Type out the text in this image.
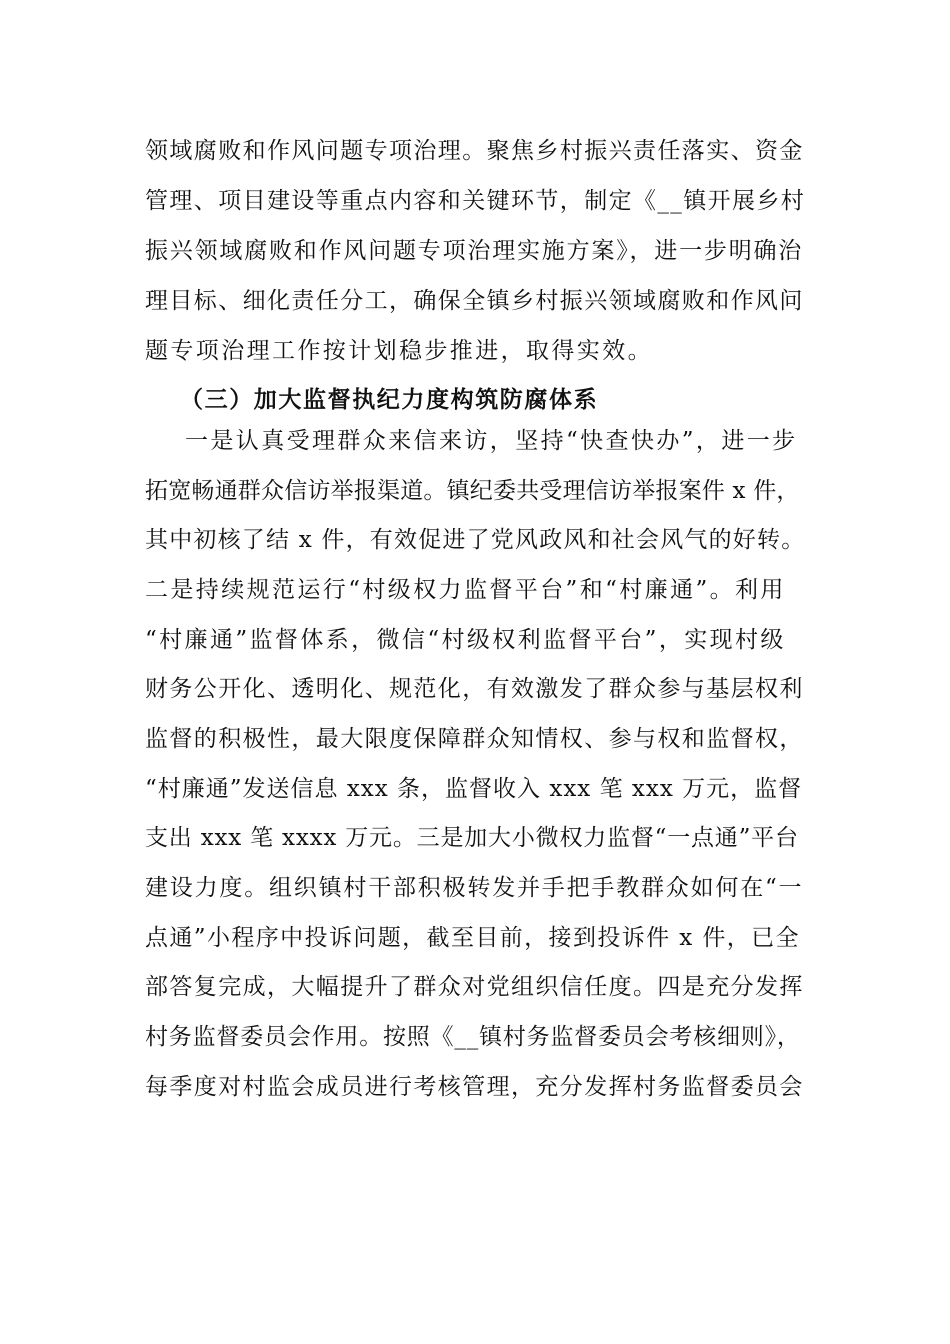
领域腐败和作风问题专项治理。聚焦乡村振兴责任落实、资金
管理、项目建设等重点内容和关键环节，制定《__镇开展乡村
振兴领域腐败和作风问题专项治理实施方案》，进一步明确治
理目标、细化责任分工，确保全镇乡村振兴领域腐败和作风问
题专项治理工作按计划稳步推进，取得实效。
（三）加大监督执纪力度构筑防腐体系
一是认真受理群众来信来访，坚持“快查快办”，进一步
拓宽畅通群众信访举报渠道。镇纪委共受理信访举报案件 x 件，
其中初核了结 x 件，有效促进了党风政风和社会风气的好转。
二是持续规范运行“村级权力监督平台”和“村廉通”。利用
“村廉通”监督体系，微信“村级权利监督平台”，实现村级
财务公开化、透明化、规范化，有效激发了群众参与基层权利
监督的积极性，最大限度保障群众知情权、参与权和监督权，
“村廉通”发送信息 xxx 条，监督收入 xxx 笔 xxx 万元，监督
支出 xxx 笔 xxxx 万元。三是加大小微权力监督“一点通”平台
建设力度。组织镇村干部积极转发并手把手教群众如何在“一
点通”小程序中投诉问题，截至目前，接到投诉件 x 件，已全
部答复完成，大幅提升了群众对党组织信任度。四是充分发挥
村务监督委员会作用。按照《__镇村务监督委员会考核细则》，
每季度对村监会成员进行考核管理，充分发挥村务监督委员会
